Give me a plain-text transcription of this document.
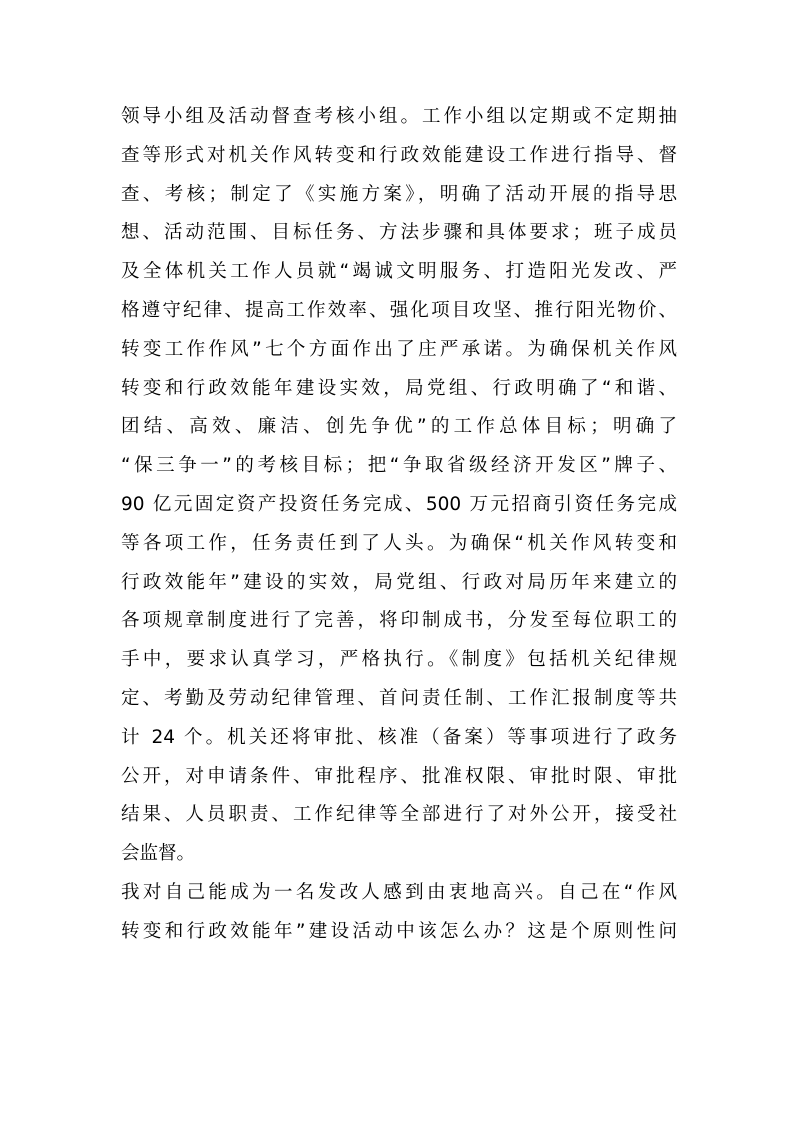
领导小组及活动督查考核小组。工作小组以定期或不定期抽
查等形式对机关作风转变和行政效能建设工作进行指导、督
查、考核；制定了《实施方案》，明确了活动开展的指导思
想、活动范围、目标任务、方法步骤和具体要求；班子成员
及全体机关工作人员就“竭诚文明服务、打造阳光发改、严
格遵守纪律、提高工作效率、强化项目攻坚、推行阳光物价、
转变工作作风”七个方面作出了庄严承诺。为确保机关作风
转变和行政效能年建设实效，局党组、行政明确了“和谐、
团结、高效、廉洁、创先争优”的工作总体目标；明确了
“保三争一”的考核目标；把“争取省级经济开发区”牌子、
90 亿元固定资产投资任务完成、500 万元招商引资任务完成
等各项工作，任务责任到了人头。为确保“机关作风转变和
行政效能年”建设的实效，局党组、行政对局历年来建立的
各项规章制度进行了完善，将印制成书，分发至每位职工的
手中，要求认真学习，严格执行。《制度》包括机关纪律规
定、考勤及劳动纪律管理、首问责任制、工作汇报制度等共
计 24 个。机关还将审批、核准（备案）等事项进行了政务
公开，对申请条件、审批程序、批准权限、审批时限、审批
结果、人员职责、工作纪律等全部进行了对外公开，接受社
会监督。
我对自己能成为一名发改人感到由衷地高兴。自己在“作风
转变和行政效能年”建设活动中该怎么办？这是个原则性问
